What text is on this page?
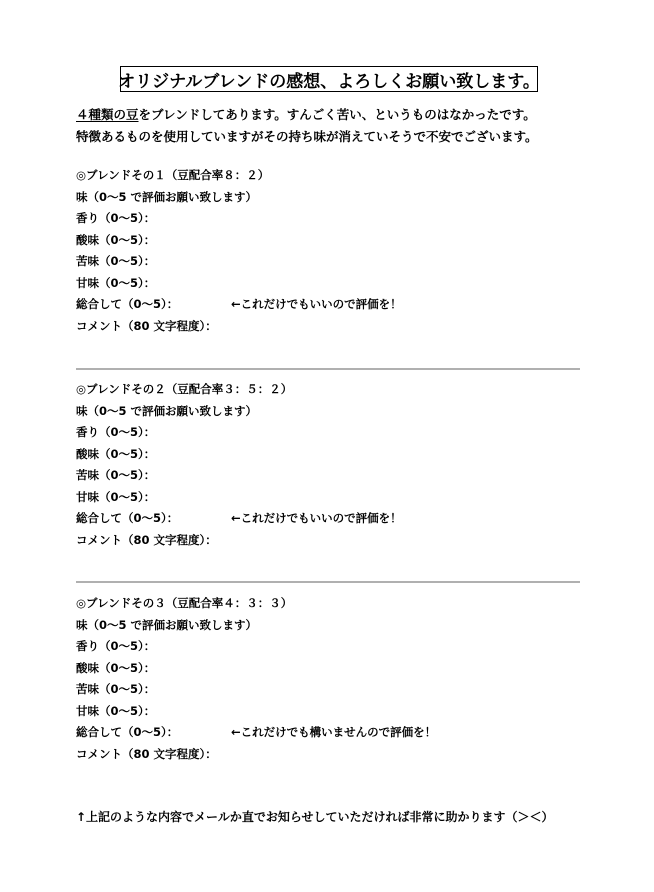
オリジナルブレンドの感想、よろしくお願い致します。
４種類の豆をブレンドしてあります。すんごく苦い、というものはなかったです。
特徴あるものを使用していますがその持ち味が消えていそうで不安でございます。
◎ブレンドその１（豆配合率８：２）
味（0～5 で評価お願い致します）
香り（0～5）：
酸味（0～5）：
苦味（0～5）：
甘味（0～5）：
総合して（0～5）：	←これだけでもいいので評価を！
コメント（80 文字程度）：
◎ブレンドその２（豆配合率３：５：２）
味（0～5 で評価お願い致します）
香り（0～5）：
酸味（0～5）：
苦味（0～5）：
甘味（0～5）：
総合して（0～5）：	←これだけでもいいので評価を！
コメント（80 文字程度）：
◎ブレンドその３（豆配合率４：３：３）
味（0～5 で評価お願い致します）
香り（0～5）：
酸味（0～5）：
苦味（0～5）：
甘味（0～5）：
総合して（0～5）：	←これだけでも構いませんので評価を！
コメント（80 文字程度）：
↑上記のような内容でメールか直でお知らせしていただければ非常に助かります（＞＜）
